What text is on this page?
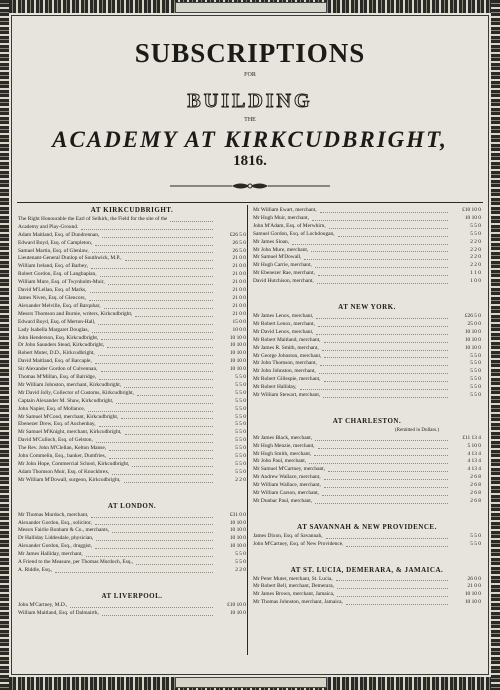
SUBSCRIPTIONS
FOR
BUILDING
THE
ACADEMY AT KIRKCUDBRIGHT,
1816.
AT KIRKCUDBRIGHT.
The Right Honourable the Earl of Selkirk, the Field for the site of the
Academy and Play-Ground.
Adam Maitland, Esq. of Dundrennan,	£26 5 0
Edward Boyd, Esq. of Campleton,	26 5 0
Samuel Martin, Esq. of Glenlaw,	26 5 0
Lieutenant-General Dunlop of Southwick, M.P.,	21 0 0
William Ireland, Esq. of Barbey,	21 0 0
Robert Gordon, Esq. of Langbaplan,	21 0 0
William Mure, Esq. of Twynholm-Muir,	21 0 0
David M'Lellan, Esq. of Marks,	21 0 0
James Niven, Esq. of Glencors,	21 0 0
Alexander Melville, Esq. of Barquhar,	21 0 0
Messrs Thomson and Burnie, writers, Kirkcudbright,	21 0 0
Edward Boyd, Esq. of Merton-Hall,	15 0 0
Lady Isabella Margaret Douglas,	10 0 0
John Henderson, Esq. Kirkcudbright,	10 10 0
Dr John Saunders Stead, Kirkcudbright,	10 10 0
Robert Muter, D.D., Kirkcudbright,	10 10 0
David Maitland, Esq. of Barcaple,	10 10 0
Sir Alexander Gordon of Culvennan,	10 10 0
Thomas M'Millan, Esq. of Balridge,	5 5 0
Mr William Johnston, merchant, Kirkcudbright,	5 5 0
Mr David Jolly, Collector of Customs, Kirkcudbright,	5 5 0
Captain Alexander M. Shaw, Kirkcudbright,	5 5 0
John Napier, Esq. of Mollance,	5 5 0
Mr Samuel M'Cond, merchant, Kirkcudbright,	5 5 0
Ebenezer Drew, Esq. of Auchenbay,	5 5 0
Mr Samuel M'Knight, merchant, Kirkcudbright,	5 5 0
David M'Culloch, Esq. of Gelston,	5 5 0
The Rev. John M'Clellan, Kelton Manse,	5 5 0
John Commelin, Esq., banker, Dumfries,	5 5 0
Mr John Hope, Commercial School, Kirkcudbright,	5 5 0
Adam Thomson Muir, Esq. of Knockbrex,	5 5 0
Mr William M'Dowall, surgeon, Kirkcudbright,	2 2 0
AT LONDON.
Mr Thomas Murdoch, merchant,	£31 0 0
Alexander Gordon, Esq., solicitor,	10 10 0
Messrs Fairlie Bonham & Co., merchants,	10 10 0
Dr Halliday Liddesdale, physician,	10 10 0
Alexander Gordon, Esq., druggist,	10 10 0
Mr James Halliday, merchant,	5 5 0
A Friend to the Measure, per Thomas Murdoch, Esq.,	5 5 0
A. Riddle, Esq.,	2 2 0
AT LIVERPOOL.
John M'Cartney, M.D.,	£10 10 0
William Maitland, Esq. of Dalmairth,	10 10 0
Mr William Ewart, merchant,	£10 10 0
Mr Hugh Muir, merchant,	10 10 0
John M'Adam, Esq. of Merwhirn,	5 5 0
Samuel Gordon, Esq. of Lochdougan,	5 5 0
Mr James Sloan,	2 2 0
Mr John Mure, merchant,	2 2 0
Mr Samuel M'Dowall,	2 2 0
Mr Hugh Carrie, merchant,	2 2 0
Mr Ebenezer Rae, merchant,	1 1 0
David Hutchison, merchant,	1 0 0
AT NEW YORK.
Mr James Lenox, merchant,	£26 5 0
Mr Robert Lenox, merchant,	25 0 0
Mr David Lenox, merchant,	10 10 0
Mr Robert Maitland, merchant,	10 10 0
Mr James R. Smith, merchant,	10 10 0
Mr George Johnston, merchant,	5 5 0
Mr John Thomson, merchant,	5 5 0
Mr John Johnston, merchant,	5 5 0
Mr Robert Gillespie, merchant,	5 5 0
Mr Robert Halliday,	5 5 0
Mr William Stewart, merchant,	5 5 0
AT CHARLESTON.
(Remitted in Dollars.)
Mr James Black, merchant,	£11 13 4
Mr Hugh Menzie, merchant,	5 10 0
Mr Hugh Smith, merchant,	4 13 4
Mr John Paul, merchant,	4 13 4
Mr Samuel M'Cartney, merchant,	4 13 4
Mr Andrew Wallace, merchant,	2 6 8
Mr William Wallace, merchant,	2 6 8
Mr William Carson, merchant,	2 6 8
Mr Dunbar Paul, merchant,	2 6 8
AT SAVANNAH & NEW PROVIDENCE.
James Dixon, Esq. of Savannah,	5 5 0
John M'Cartney, Esq. of New Providence,	5 5 0
AT ST. LUCIA, DEMERARA, & JAMAICA.
Mr Peter Muter, merchant, St. Lucia,	26 0 0
Mr Robert Bell, merchant, Demerara,	21 0 0
Mr James Brown, merchant, Jamaica,	10 10 0
Mr Thomas Johnston, merchant, Jamaica,	10 10 0
